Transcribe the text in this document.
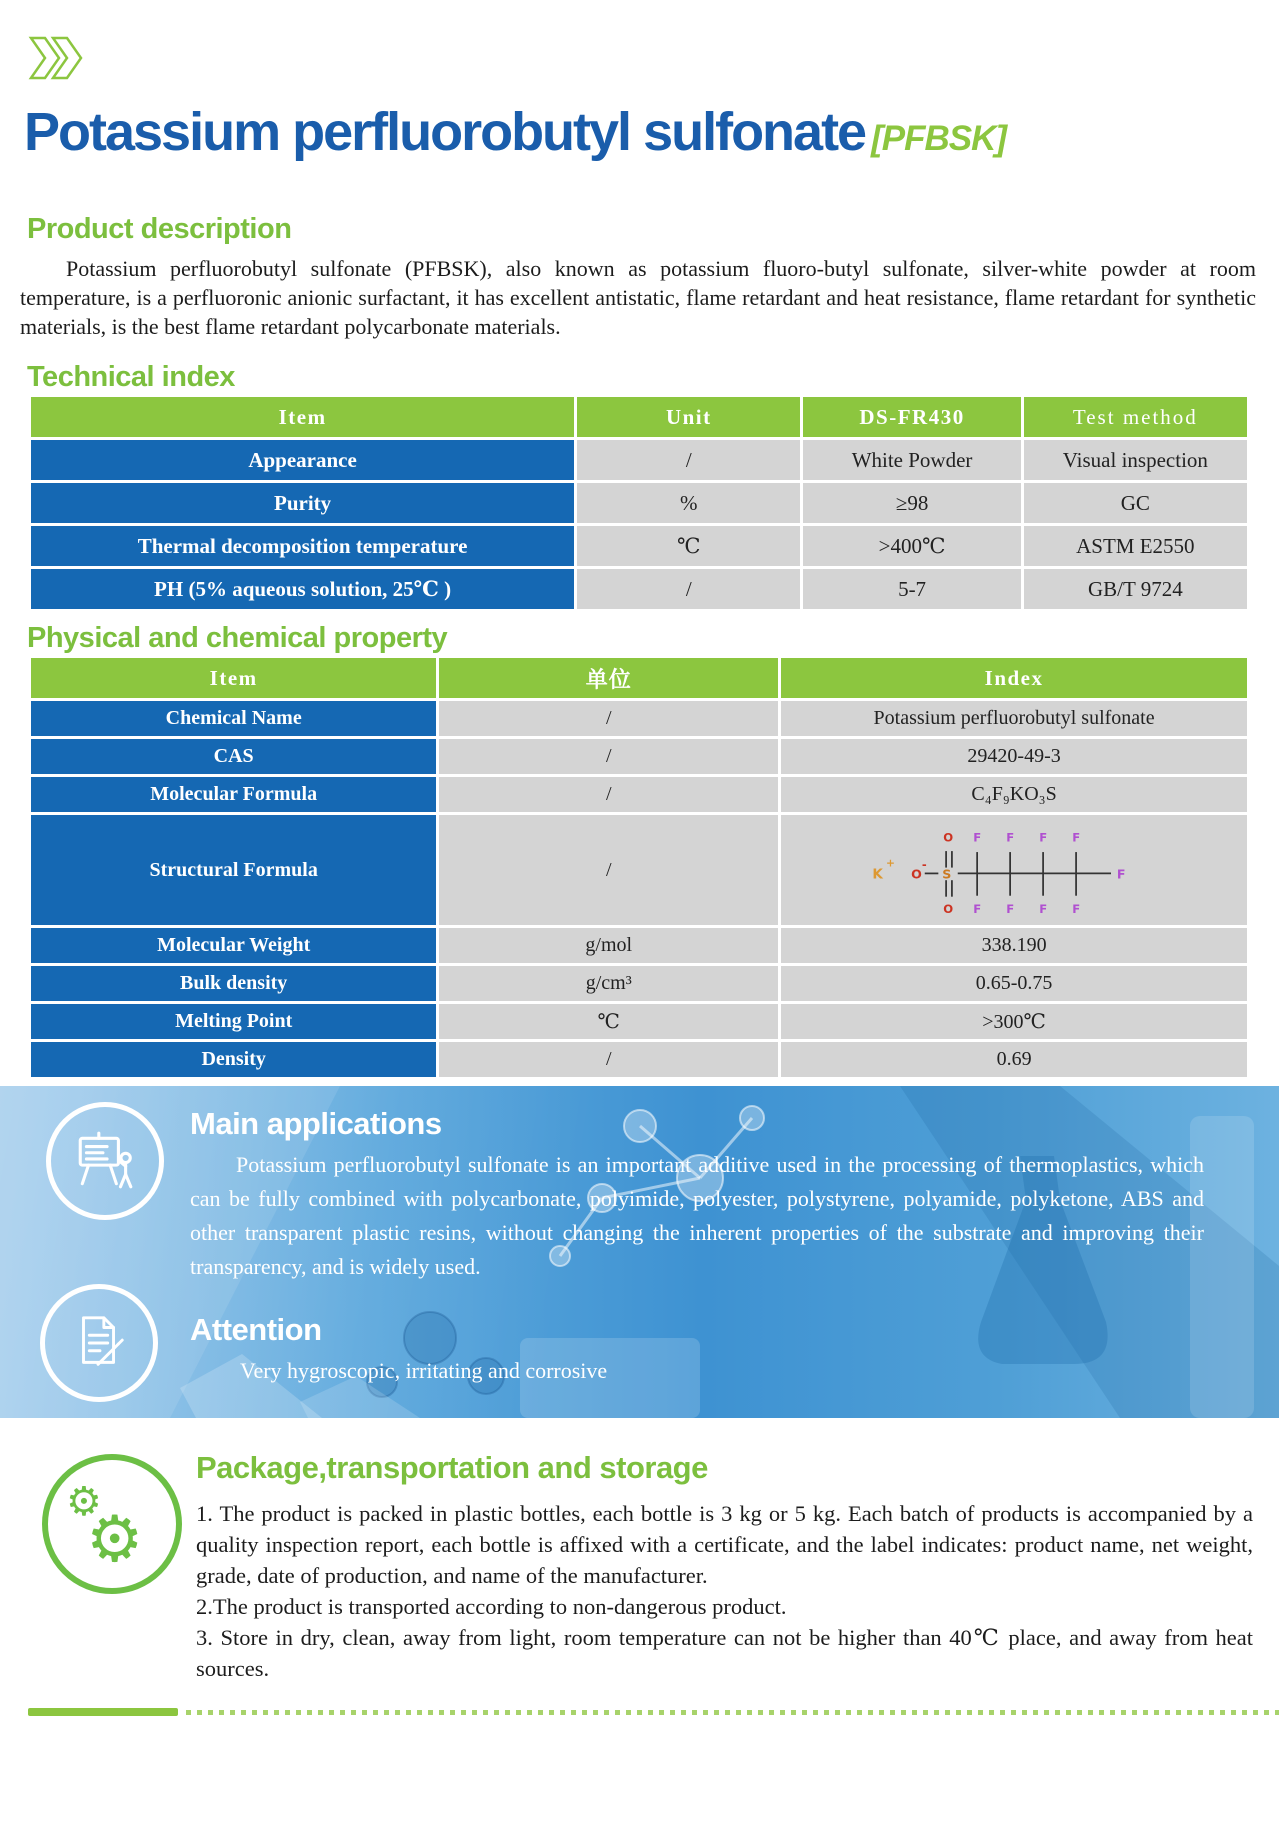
Potassium perfluorobutyl sulfonate [PFBSK]
Product description

Potassium perfluorobutyl sulfonate (PFBSK), also known as potassium fluoro-butyl sulfonate, silver-white powder at room temperature, is a perfluoronic anionic surfactant, it has excellent antistatic, flame retardant and heat resistance, flame retardant for synthetic materials, is the best flame retardant polycarbonate materials.

Technical index
Item	Unit	DS-FR430	Test method
Appearance	/	White Powder	Visual inspection
Purity	%	≥98	GC
Thermal decomposition temperature	℃	>400℃	ASTM E2550
PH (5% aqueous solution, 25℃ )	/	5-7	GB/T 9724
Physical and chemical property
Item	单位	Index
Chemical Name	/	Potassium perfluorobutyl sulfonate
CAS	/	29420-49-3
Molecular Formula	/	C₄F₉KO₃S
Structural Formula	/	K
+
O
-
S
O
O
F F F F
F F F F
F

Molecular Weight	g/mol	338.190
Bulk density	g/cm³	0.65-0.75
Melting Point	℃	>300℃
Density	/	0.69
Main applications

Potassium perfluorobutyl sulfonate is an important additive used in the processing of thermoplastics, which can be fully combined with polycarbonate, polyimide, polyester, polystyrene, polyamide, polyketone, ABS and other transparent plastic resins, without changing the inherent properties of the substrate and improving their transparency, and is widely used.

Attention

Very hygroscopic, irritating and corrosive

⚙
⚙
Package,transportation and storage

1. The product is packed in plastic bottles, each bottle is 3 kg or 5 kg. Each batch of products is accompanied by a quality inspection report, each bottle is affixed with a certificate, and the label indicates: product name, net weight, grade, date of production, and name of the manufacturer.

2.The product is transported according to non-dangerous product.

3. Store in dry, clean, away from light, room temperature can not be higher than 40℃ place, and away from heat sources.
